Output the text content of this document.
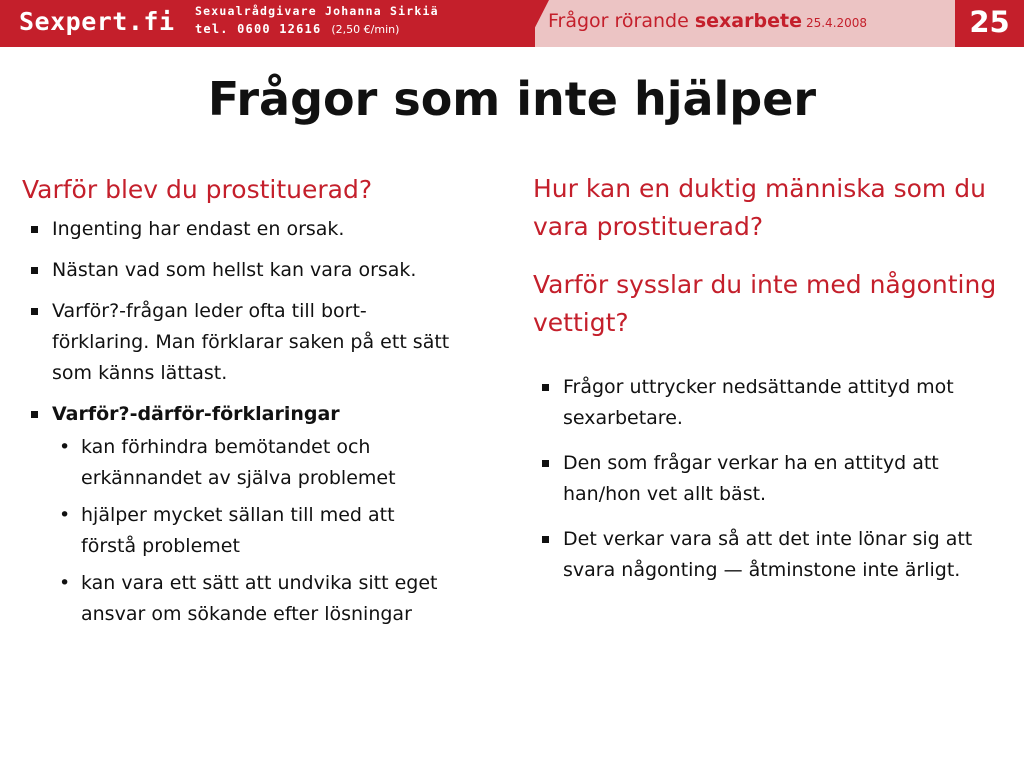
Sexpert.fi Sexualrådgivare Johanna Sirkiä
tel. 0600 12616 (2,50 €/min)	Frågor rörande sexarbete 25.4.2008	25
Frågor som inte hjälper

Varför blev du prostituerad?

Ingenting har endast en orsak.
Nästan vad som hellst kan vara orsak.
Varför?-frågan leder ofta till bort-förklaring. Man förklarar saken på ett sätt som känns lättast.
Varför?-därför-förklaringar
• kan förhindra bemötandet och erkännandet av själva problemet
• hjälper mycket sällan till med att förstå problemet
• kan vara ett sätt att undvika sitt eget ansvar om sökande efter lösningar

Hur kan en duktig människa som du vara prostituerad?

Varför sysslar du inte med någonting vettigt?

Frågor uttrycker nedsättande attityd mot sexarbetare.
Den som frågar verkar ha en attityd att han/hon vet allt bäst.
Det verkar vara så att det inte lönar sig att svara någonting — åtminstone inte ärligt.
